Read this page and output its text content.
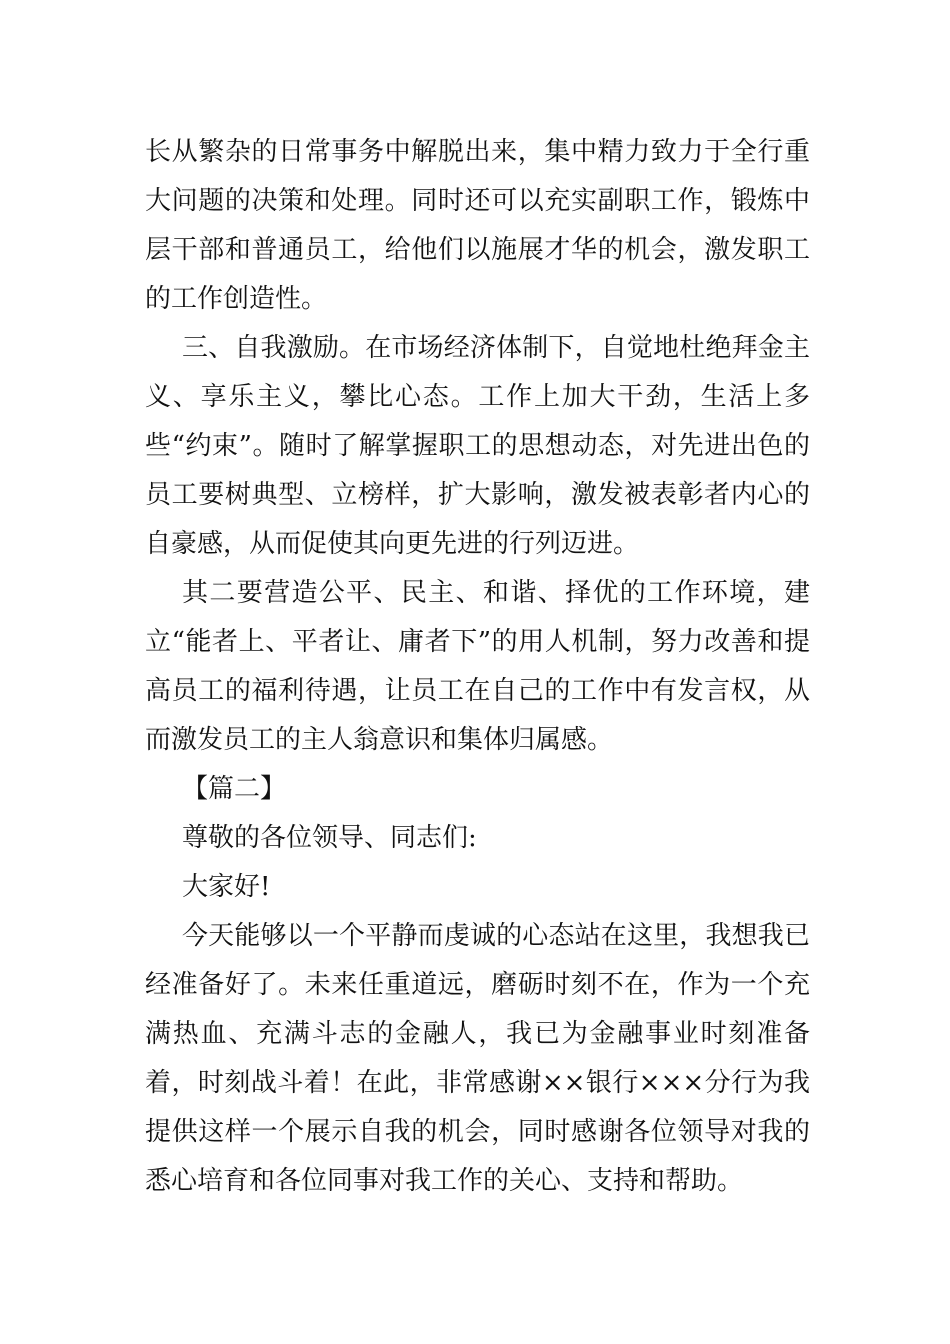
长从繁杂的日常事务中解脱出来，集中精力致力于全行重大问题的决策和处理。同时还可以充实副职工作，锻炼中层干部和普通员工，给他们以施展才华的机会，激发职工的工作创造性。

三、自我激励。在市场经济体制下，自觉地杜绝拜金主义、享乐主义，攀比心态。工作上加大干劲，生活上多些“约束”。随时了解掌握职工的思想动态，对先进出色的员工要树典型、立榜样，扩大影响，激发被表彰者内心的自豪感，从而促使其向更先进的行列迈进。

其二要营造公平、民主、和谐、择优的工作环境，建立“能者上、平者让、庸者下”的用人机制，努力改善和提高员工的福利待遇，让员工在自己的工作中有发言权，从而激发员工的主人翁意识和集体归属感。

【篇二】

尊敬的各位领导、同志们:

大家好!

今天能够以一个平静而虔诚的心态站在这里，我想我已经准备好了。未来任重道远，磨砺时刻不在，作为一个充满热血、充满斗志的金融人，我已为金融事业时刻准备着，时刻战斗着！在此，非常感谢××银行×××分行为我提供这样一个展示自我的机会，同时感谢各位领导对我的悉心培育和各位同事对我工作的关心、支持和帮助。
